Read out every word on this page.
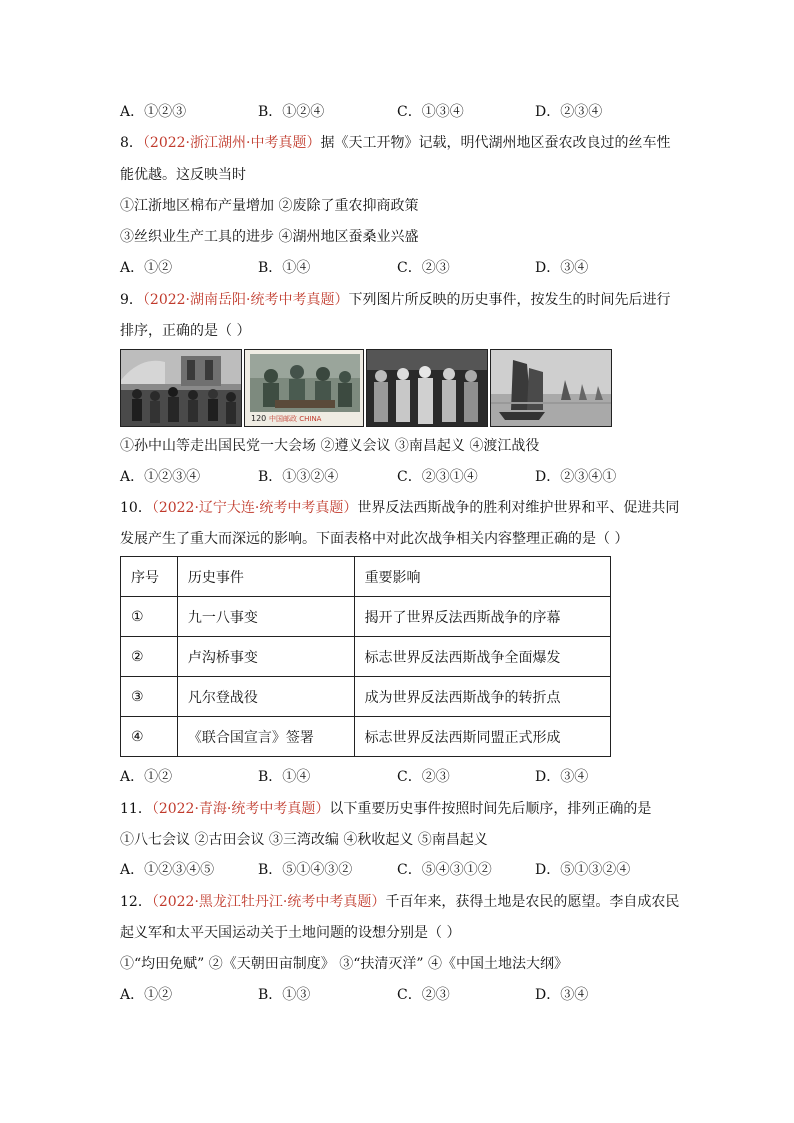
A．①②③	B．①②④	C．①③④	D．②③④
8．（2022·浙江湖州·中考真题）据《天工开物》记载，明代湖州地区蚕农改良过的丝车性
能优越。这反映当时
①江浙地区棉布产量增加 ②废除了重农抑商政策
③丝织业生产工具的进步 ④湖州地区蚕桑业兴盛
A．①②	B．①④	C．②③	D．③④
9．（2022·湖南岳阳·统考中考真题）下列图片所反映的历史事件，按发生的时间先后进行
排序，正确的是（ ）
120 中国邮政 CHINA
①孙中山等走出国民党一大会场 ②遵义会议 ③南昌起义 ④渡江战役
A．①②③④	B．①③②④	C．②③①④	D．②③④①
10．（2022·辽宁大连·统考中考真题）世界反法西斯战争的胜利对维护世界和平、促进共同
发展产生了重大而深远的影响。下面表格中对此次战争相关内容整理正确的是（ ）
序号	历史事件	重要影响
①	九一八事变	揭开了世界反法西斯战争的序幕
②	卢沟桥事变	标志世界反法西斯战争全面爆发
③	凡尔登战役	成为世界反法西斯战争的转折点
④	《联合国宣言》签署	标志世界反法西斯同盟正式形成
A．①②	B．①④	C．②③	D．③④
11．（2022·青海·统考中考真题）以下重要历史事件按照时间先后顺序，排列正确的是
①八七会议 ②古田会议 ③三湾改编 ④秋收起义 ⑤南昌起义
A．①②③④⑤	B．⑤①④③②	C．⑤④③①②	D．⑤①③②④
12．（2022·黑龙江牡丹江·统考中考真题）千百年来，获得土地是农民的愿望。李自成农民
起义军和太平天国运动关于土地问题的设想分别是（ ）
①“均田免赋” ②《天朝田亩制度》 ③“扶清灭洋” ④《中国土地法大纲》
A．①②	B．①③	C．②③	D．③④
